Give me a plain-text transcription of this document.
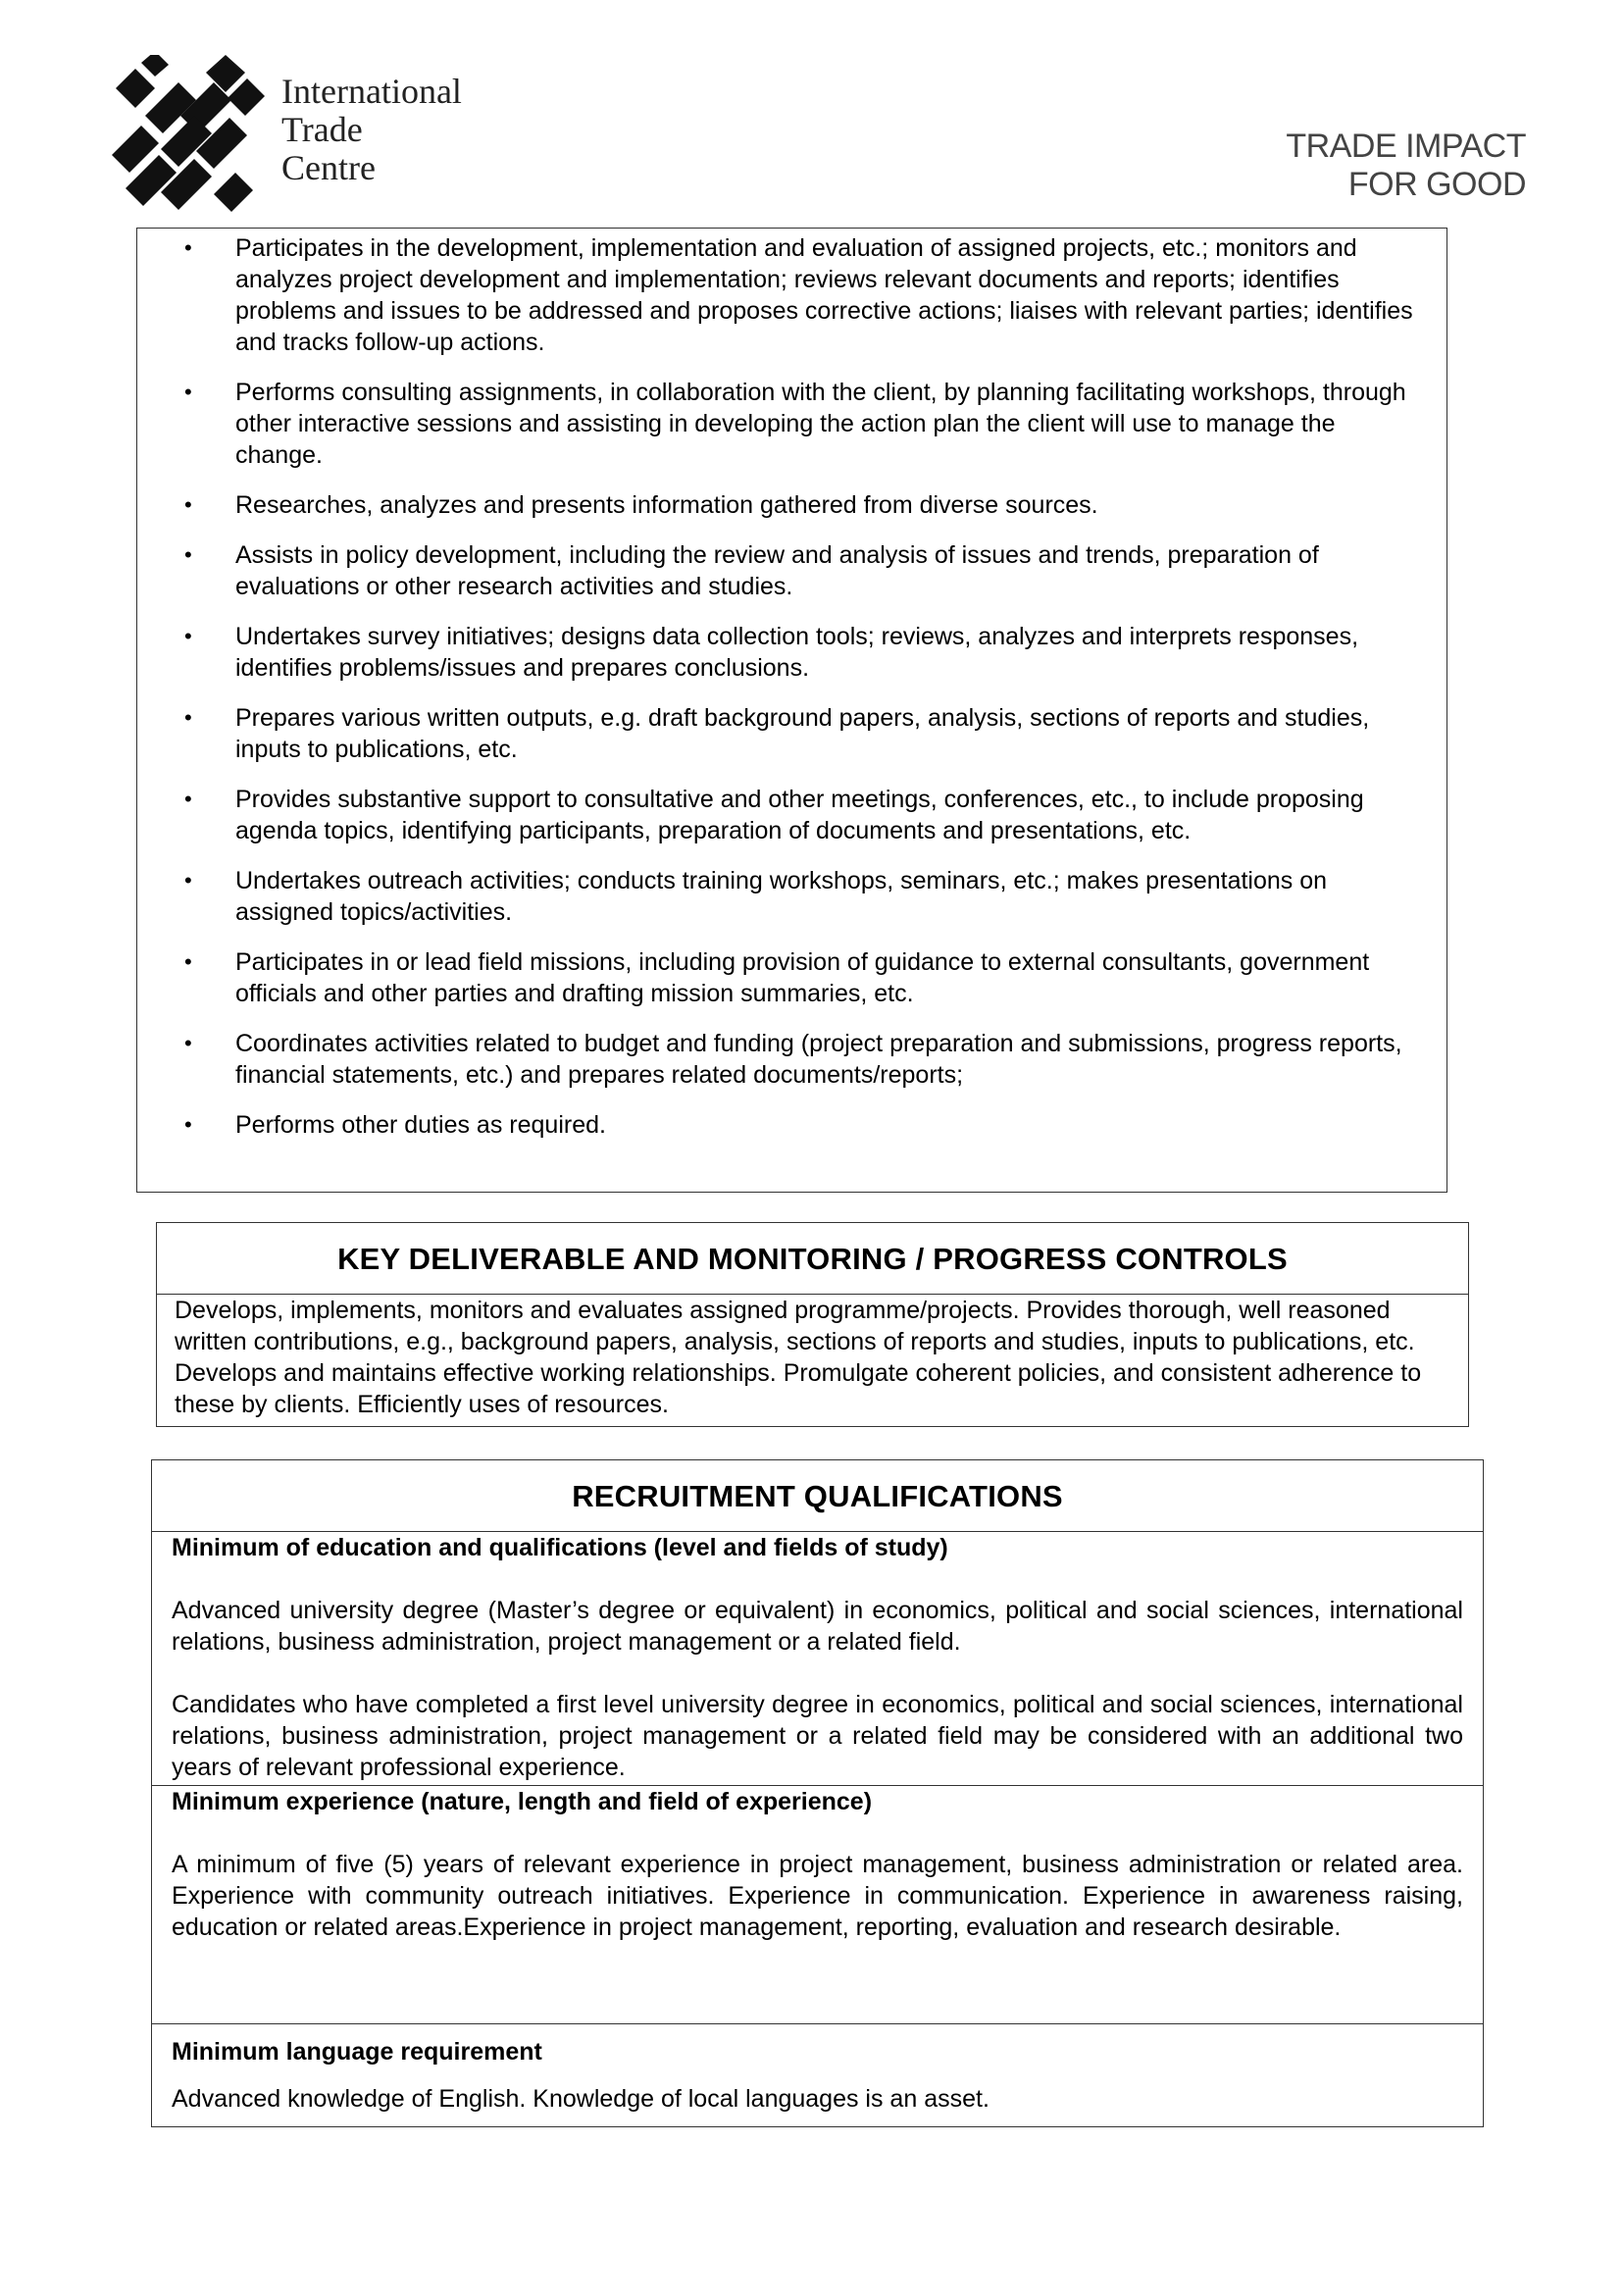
International
Trade
Centre
TRADE IMPACT
FOR GOOD
• Participates in the development, implementation and evaluation of assigned projects, etc.; monitors and analyzes project development and implementation; reviews relevant documents and reports; identifies problems and issues to be addressed and proposes corrective actions; liaises with relevant parties; identifies and tracks follow-up actions.
• Performs consulting assignments, in collaboration with the client, by planning facilitating workshops, through other interactive sessions and assisting in developing the action plan the client will use to manage the change.
• Researches, analyzes and presents information gathered from diverse sources.
• Assists in policy development, including the review and analysis of issues and trends, preparation of evaluations or other research activities and studies.
• Undertakes survey initiatives; designs data collection tools; reviews, analyzes and interprets responses, identifies problems/issues and prepares conclusions.
• Prepares various written outputs, e.g. draft background papers, analysis, sections of reports and studies, inputs to publications, etc.
• Provides substantive support to consultative and other meetings, conferences, etc., to include proposing agenda topics, identifying participants, preparation of documents and presentations, etc.
• Undertakes outreach activities; conducts training workshops, seminars, etc.; makes presentations on assigned topics/activities.
• Participates in or lead field missions, including provision of guidance to external consultants, government officials and other parties and drafting mission summaries, etc.
• Coordinates activities related to budget and funding (project preparation and submissions, progress reports, financial statements, etc.) and prepares related documents/reports;
• Performs other duties as required.
KEY DELIVERABLE AND MONITORING / PROGRESS CONTROLS
Develops, implements, monitors and evaluates assigned programme/projects. Provides thorough, well reasoned written contributions, e.g., background papers, analysis, sections of reports and studies, inputs to publications, etc. Develops and maintains effective working relationships. Promulgate coherent policies, and consistent adherence to these by clients. Efficiently uses of resources.
RECRUITMENT QUALIFICATIONS
Minimum of education and qualifications (level and fields of study)

Advanced university degree (Master’s degree or equivalent) in economics, political and social sciences, international relations, business administration, project management or a related field.

Candidates who have completed a first level university degree in economics, political and social sciences, international relations, business administration, project management or a related field may be considered with an additional two years of relevant professional experience.

Minimum experience (nature, length and field of experience)

A minimum of five (5) years of relevant experience in project management, business administration or related area. Experience with community outreach initiatives. Experience in communication. Experience in awareness raising, education or related areas.Experience in project management, reporting, evaluation and research desirable.

Minimum language requirement

Advanced knowledge of English. Knowledge of local languages is an asset.
